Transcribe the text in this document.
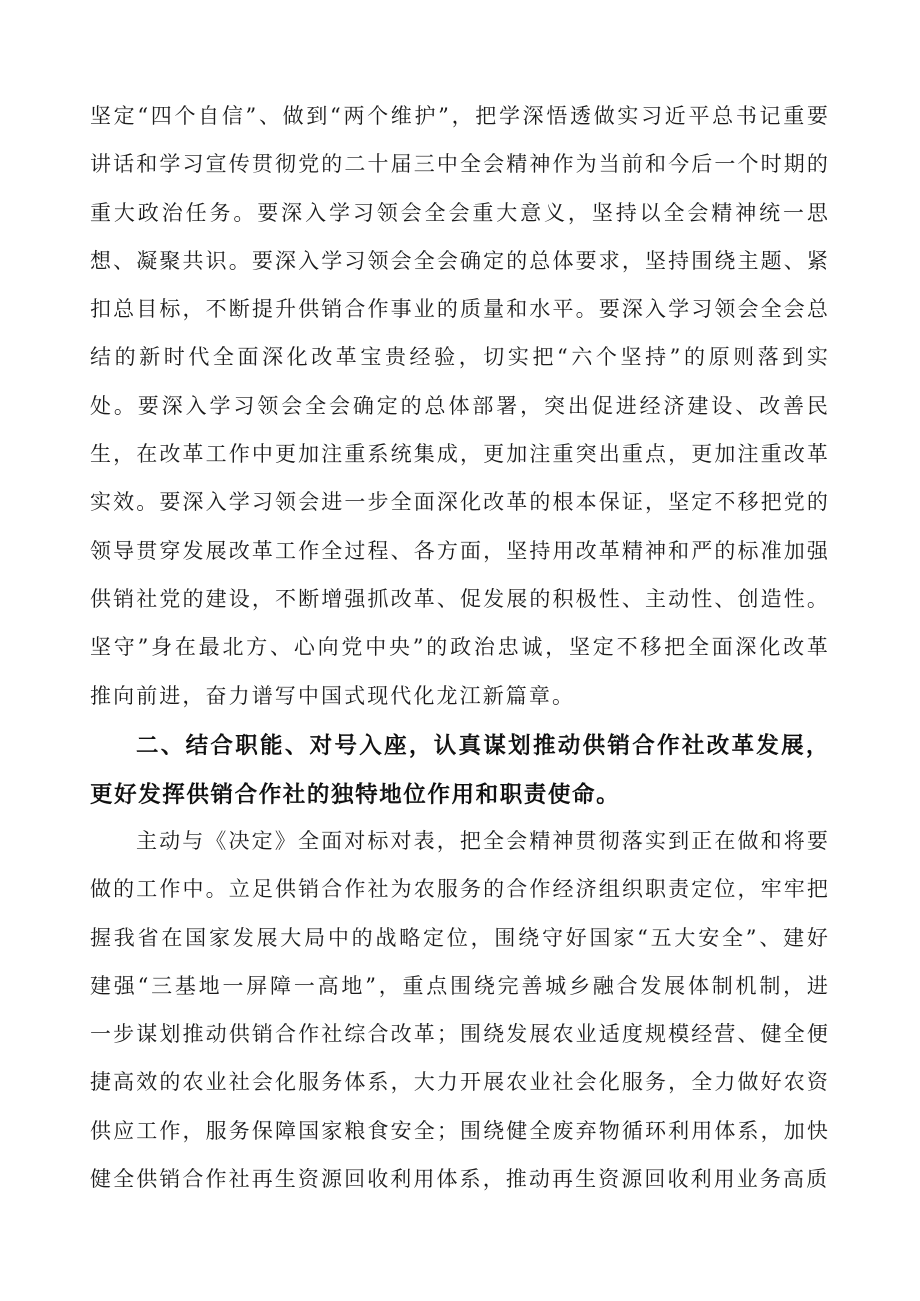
坚定“四个自信”、做到“两个维护”，把学深悟透做实习近平总书记重要讲话和学习宣传贯彻党的二十届三中全会精神作为当前和今后一个时期的重大政治任务。要深入学习领会全会重大意义，坚持以全会精神统一思想、凝聚共识。要深入学习领会全会确定的总体要求，坚持围绕主题、紧扣总目标，不断提升供销合作事业的质量和水平。要深入学习领会全会总结的新时代全面深化改革宝贵经验，切实把“六个坚持”的原则落到实处。要深入学习领会全会确定的总体部署，突出促进经济建设、改善民生，在改革工作中更加注重系统集成，更加注重突出重点，更加注重改革实效。要深入学习领会进一步全面深化改革的根本保证，坚定不移把党的领导贯穿发展改革工作全过程、各方面，坚持用改革精神和严的标准加强供销社党的建设，不断增强抓改革、促发展的积极性、主动性、创造性。坚守”身在最北方、心向党中央”的政治忠诚，坚定不移把全面深化改革推向前进，奋力谱写中国式现代化龙江新篇章。

二、结合职能、对号入座，认真谋划推动供销合作社改革发展，更好发挥供销合作社的独特地位作用和职责使命。

主动与《决定》全面对标对表，把全会精神贯彻落实到正在做和将要做的工作中。立足供销合作社为农服务的合作经济组织职责定位，牢牢把握我省在国家发展大局中的战略定位，围绕守好国家“五大安全”、建好建强“三基地一屏障一高地”，重点围绕完善城乡融合发展体制机制，进一步谋划推动供销合作社综合改革；围绕发展农业适度规模经营、健全便捷高效的农业社会化服务体系，大力开展农业社会化服务，全力做好农资供应工作，服务保障国家粮食安全；围绕健全废弃物循环利用体系，加快健全供销合作社再生资源回收利用体系，推动再生资源回收利用业务高质
